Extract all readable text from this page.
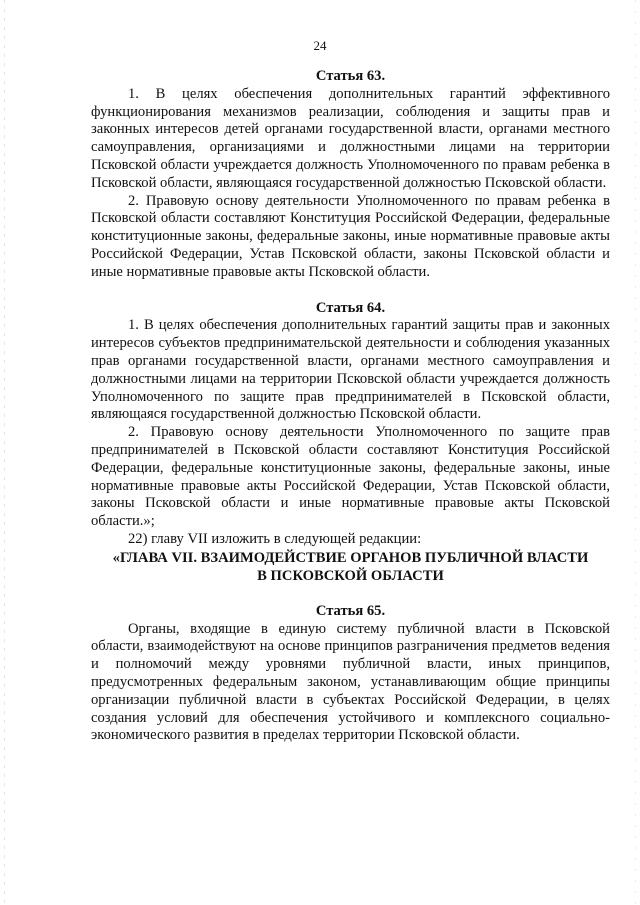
24

Статья 63.

1. В целях обеспечения дополнительных гарантий эффективного функционирования механизмов реализации, соблюдения и защиты прав и законных интересов детей органами государственной власти, органами местного самоуправления, организациями и должностными лицами на территории Псковской области учреждается должность Уполномоченного по правам ребенка в Псковской области, являющаяся государственной должностью Псковской области.

2. Правовую основу деятельности Уполномоченного по правам ребенка в Псковской области составляют Конституция Российской Федерации, федеральные конституционные законы, федеральные законы, иные нормативные правовые акты Российской Федерации, Устав Псковской области, законы Псковской области и иные нормативные правовые акты Псковской области.

Статья 64.

1. В целях обеспечения дополнительных гарантий защиты прав и законных интересов субъектов предпринимательской деятельности и соблюдения указанных прав органами государственной власти, органами местного самоуправления и должностными лицами на территории Псковской области учреждается должность Уполномоченного по защите прав предпринимателей в Псковской области, являющаяся государственной должностью Псковской области.

2. Правовую основу деятельности Уполномоченного по защите прав предпринимателей в Псковской области составляют Конституция Российской Федерации, федеральные конституционные законы, федеральные законы, иные нормативные правовые акты Российской Федерации, Устав Псковской области, законы Псковской области и иные нормативные правовые акты Псковской области.»;

22) главу VII изложить в следующей редакции:

«ГЛАВА VII. ВЗАИМОДЕЙСТВИЕ ОРГАНОВ ПУБЛИЧНОЙ ВЛАСТИ

В ПСКОВСКОЙ ОБЛАСТИ

Статья 65.

Органы, входящие в единую систему публичной власти в Псковской области, взаимодействуют на основе принципов разграничения предметов ведения и полномочий между уровнями публичной власти, иных принципов, предусмотренных федеральным законом, устанавливающим общие принципы организации публичной власти в субъектах Российской Федерации, в целях создания условий для обеспечения устойчивого и комплексного социально-экономического развития в пределах территории Псковской области.
